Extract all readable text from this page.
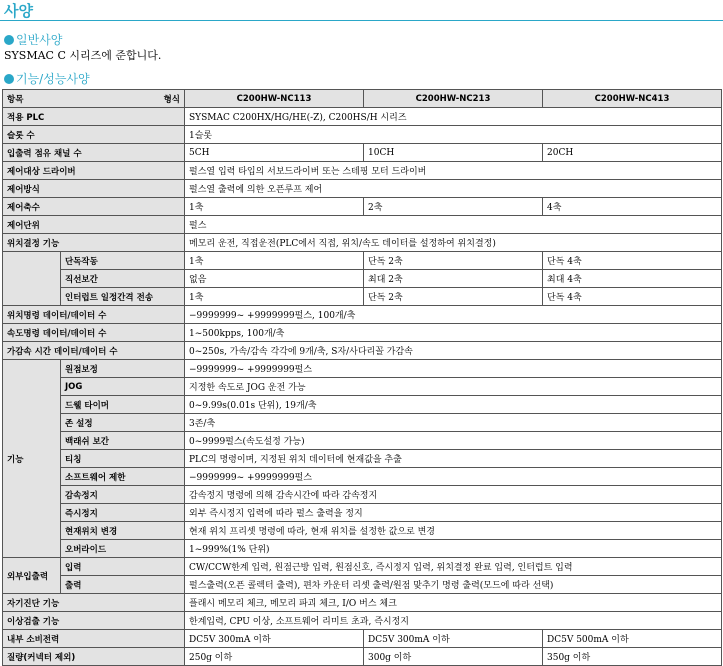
사양
일반사양
SYSMAC C 시리즈에 준합니다.
기능/성능사양
항목 형식		C200HW-NC113	C200HW-NC213	C200HW-NC413
적용 PLC		SYSMAC C200HX/HG/HE(-Z), C200HS/H 시리즈		
슬롯 수		1슬롯		
입출력 점유 채널 수		5CH	10CH	20CH
제어대상 드라이버		펄스열 입력 타입의 서보드라이버 또는 스테핑 모터 드라이버		
제어방식		펄스열 출력에 의한 오픈루프 제어		
제어축수		1축	2축	4축
제어단위		펄스		
위치결정 기능		메모리 운전, 직접운전(PLC에서 직접, 위치/속도 데이터를 설정하여 위치결정)		
	단독작동	1축	단독 2축	단독 4축
	직선보간	없음	최대 2축	최대 4축
	인터럽트 일정간격 전송	1축	단독 2축	단독 4축
위치명령 데이터/데이터 수		−9999999~ +9999999펄스, 100개/축		
속도명령 데이터/데이터 수		1~500kpps, 100개/축		
가감속 시간 데이터/데이터 수		0~250s, 가속/감속 각각에 9개/축, S자/사다리꼴 가감속		
기능	원점보정	−9999999~ +9999999펄스		
	JOG	지정한 속도로 JOG 운전 가능		
	드웰 타이머	0~9.99s(0.01s 단위), 19개/축		
	존 설정	3존/축		
	백래쉬 보간	0~9999펄스(속도설정 가능)		
	티칭	PLC의 명령이며, 지정된 위치 데이터에 현재값을 추출		
	소프트웨어 제한	−9999999~ +9999999펄스		
	감속정지	감속정지 명령에 의해 감속시간에 따라 감속정지		
	즉시정지	외부 즉시정지 입력에 따라 펄스 출력을 정지		
	현재위치 변경	현재 위치 프리셋 명령에 따라, 현재 위치를 설정한 값으로 변경		
	오버라이드	1~999%(1% 단위)		
외부입출력	입력	CW/CCW한계 입력, 원점근방 입력, 원점신호, 즉시정지 입력, 위치결정 완료 입력, 인터럽트 입력		
	출력	펄스출력(오픈 콜렉터 출력), 편차 카운터 리셋 출력/원점 맞추기 명령 출력(모드에 따라 선택)		
자기진단 기능		플래시 메모리 체크, 메모리 파괴 체크, I/O 버스 체크		
이상검출 기능		한계입력, CPU 이상, 소프트웨어 리미트 초과, 즉시정지		
내부 소비전력		DC5V 300mA 이하	DC5V 300mA 이하	DC5V 500mA 이하
질량(커넥터 제외)		250g 이하	300g 이하	350g 이하
